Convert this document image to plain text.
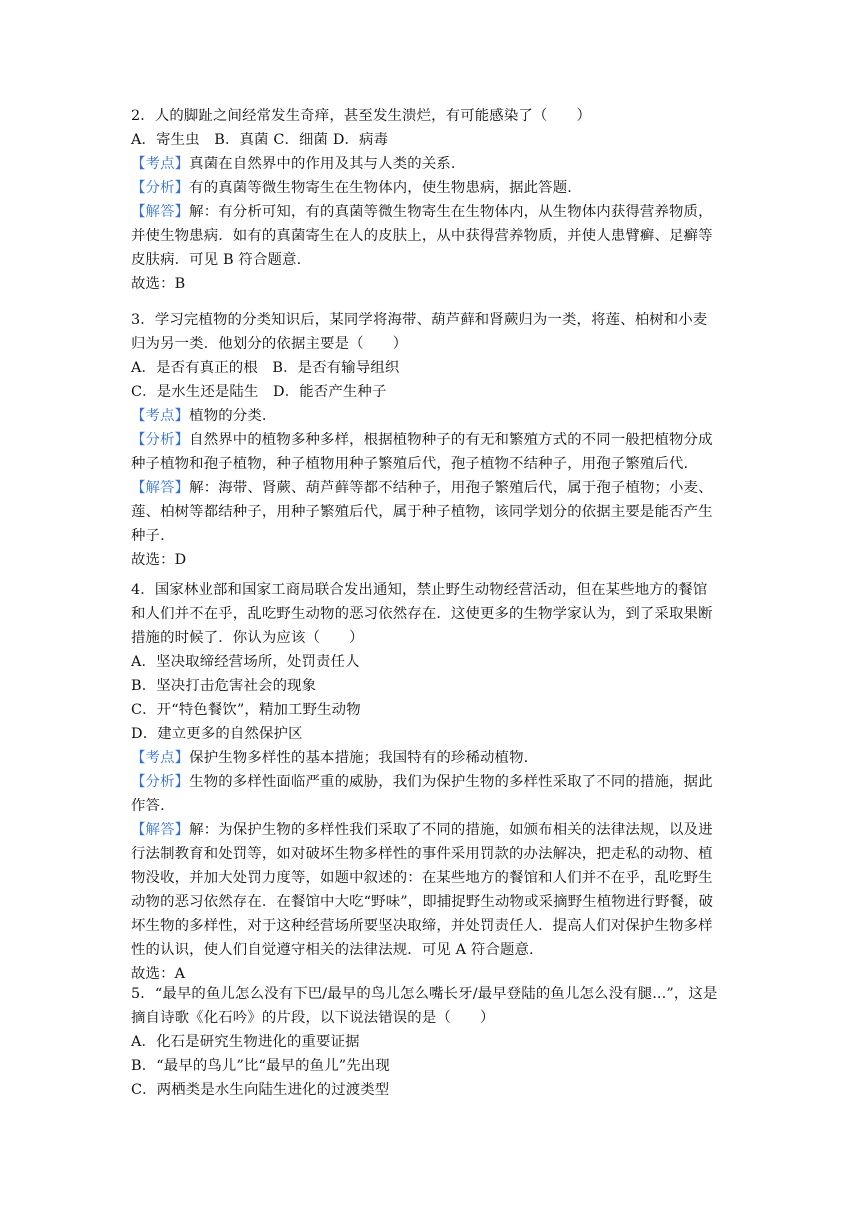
2．人的脚趾之间经常发生奇痒，甚至发生溃烂，有可能感染了（　　）
A．寄生虫　B．真菌 C．细菌 D．病毒
【考点】真菌在自然界中的作用及其与人类的关系.
【分析】有的真菌等微生物寄生在生物体内，使生物患病，据此答题.
【解答】解：有分析可知，有的真菌等微生物寄生在生物体内，从生物体内获得营养物质，
并使生物患病．如有的真菌寄生在人的皮肤上，从中获得营养物质，并使人患臂癣、足癣等
皮肤病．可见 B 符合题意.
故选：B
3．学习完植物的分类知识后，某同学将海带、葫芦藓和肾蕨归为一类，将莲、柏树和小麦
归为另一类．他划分的依据主要是（　　）
A．是否有真正的根　B．是否有输导组织
C．是水生还是陆生　D．能否产生种子
【考点】植物的分类.
【分析】自然界中的植物多种多样，根据植物种子的有无和繁殖方式的不同一般把植物分成
种子植物和孢子植物，种子植物用种子繁殖后代，孢子植物不结种子，用孢子繁殖后代.
【解答】解：海带、肾蕨、葫芦藓等都不结种子，用孢子繁殖后代，属于孢子植物；小麦、
莲、柏树等都结种子，用种子繁殖后代，属于种子植物，该同学划分的依据主要是能否产生
种子.
故选：D
4．国家林业部和国家工商局联合发出通知，禁止野生动物经营活动，但在某些地方的餐馆
和人们并不在乎，乱吃野生动物的恶习依然存在．这使更多的生物学家认为，到了采取果断
措施的时候了．你认为应该（　　）
A．坚决取缔经营场所，处罚责任人
B．坚决打击危害社会的现象
C．开“特色餐饮”，精加工野生动物
D．建立更多的自然保护区
【考点】保护生物多样性的基本措施；我国特有的珍稀动植物.
【分析】生物的多样性面临严重的威胁，我们为保护生物的多样性采取了不同的措施，据此
作答.
【解答】解：为保护生物的多样性我们采取了不同的措施，如颁布相关的法律法规，以及进
行法制教育和处罚等，如对破坏生物多样性的事件采用罚款的办法解决，把走私的动物、植
物没收，并加大处罚力度等，如题中叙述的：在某些地方的餐馆和人们并不在乎，乱吃野生
动物的恶习依然存在．在餐馆中大吃“野味”，即捕捉野生动物或采摘野生植物进行野餐，破
坏生物的多样性，对于这种经营场所要坚决取缔，并处罚责任人．提高人们对保护生物多样
性的认识，使人们自觉遵守相关的法律法规．可见 A 符合题意.
故选：A
5．“最早的鱼儿怎么没有下巴/最早的鸟儿怎么嘴长牙/最早登陆的鱼儿怎么没有腿...”，这是
摘自诗歌《化石吟》的片段，以下说法错误的是（　　）
A．化石是研究生物进化的重要证据
B．“最早的鸟儿”比“最早的鱼儿”先出现
C．两栖类是水生向陆生进化的过渡类型
